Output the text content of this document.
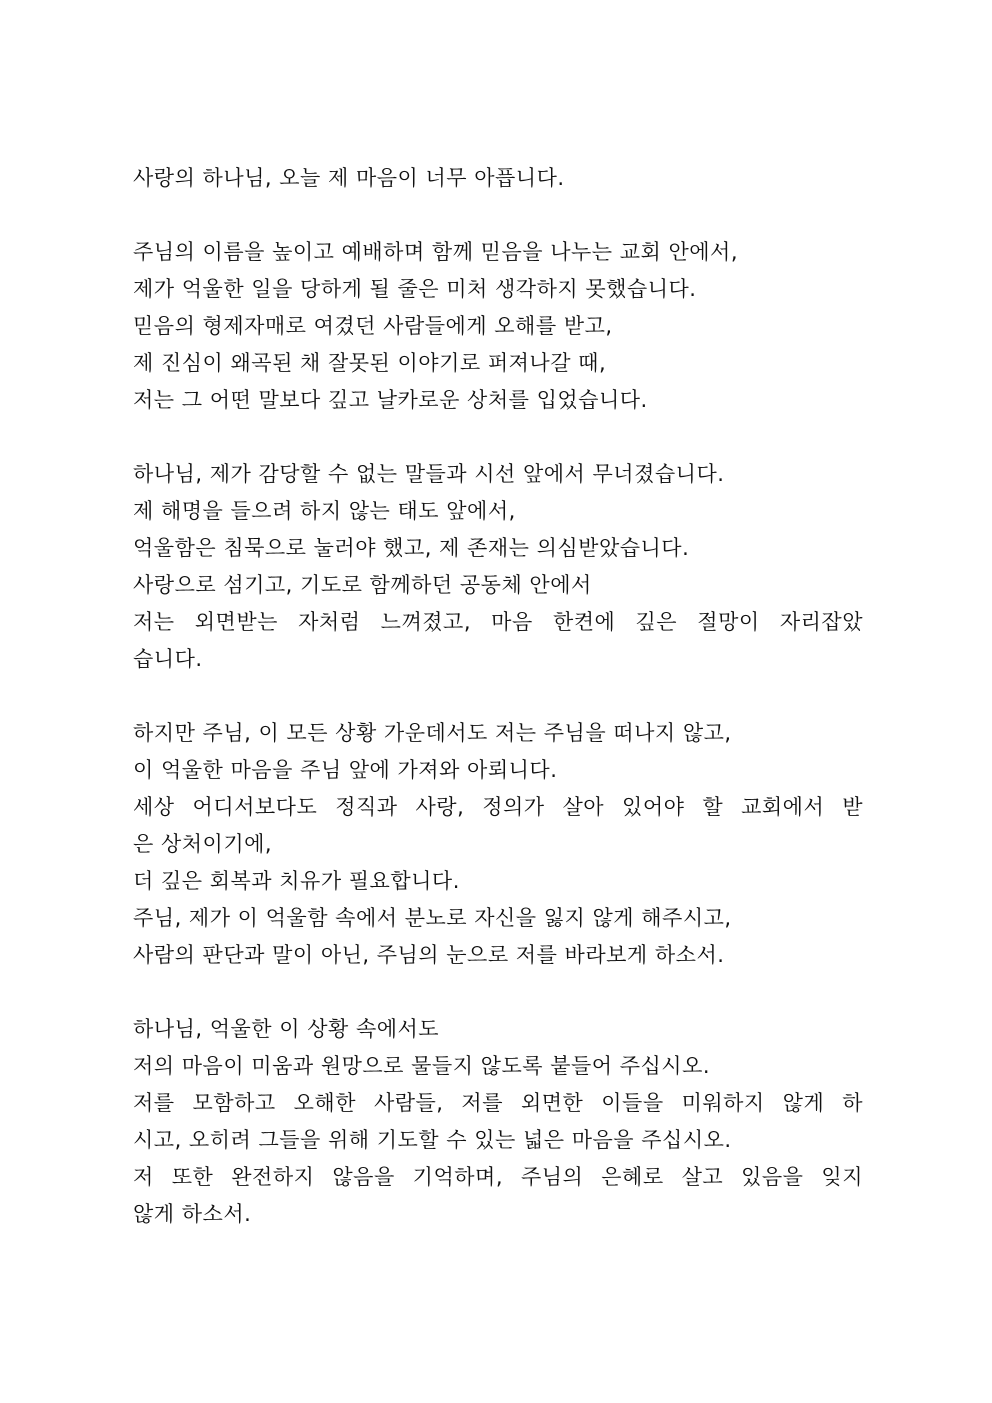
사랑의 하나님, 오늘 제 마음이 너무 아픕니다.
주님의 이름을 높이고 예배하며 함께 믿음을 나누는 교회 안에서,
제가 억울한 일을 당하게 될 줄은 미처 생각하지 못했습니다.
믿음의 형제자매로 여겼던 사람들에게 오해를 받고,
제 진심이 왜곡된 채 잘못된 이야기로 퍼져나갈 때,
저는 그 어떤 말보다 깊고 날카로운 상처를 입었습니다.
하나님, 제가 감당할 수 없는 말들과 시선 앞에서 무너졌습니다.
제 해명을 들으려 하지 않는 태도 앞에서,
억울함은 침묵으로 눌러야 했고, 제 존재는 의심받았습니다.
사랑으로 섬기고, 기도로 함께하던 공동체 안에서
저는 외면받는 자처럼 느껴졌고, 마음 한켠에 깊은 절망이 자리잡았
습니다.
하지만 주님, 이 모든 상황 가운데서도 저는 주님을 떠나지 않고,
이 억울한 마음을 주님 앞에 가져와 아뢰니다.
세상 어디서보다도 정직과 사랑, 정의가 살아 있어야 할 교회에서 받
은 상처이기에,
더 깊은 회복과 치유가 필요합니다.
주님, 제가 이 억울함 속에서 분노로 자신을 잃지 않게 해주시고,
사람의 판단과 말이 아닌, 주님의 눈으로 저를 바라보게 하소서.
하나님, 억울한 이 상황 속에서도
저의 마음이 미움과 원망으로 물들지 않도록 붙들어 주십시오.
저를 모함하고 오해한 사람들, 저를 외면한 이들을 미워하지 않게 하
시고, 오히려 그들을 위해 기도할 수 있는 넓은 마음을 주십시오.
저 또한 완전하지 않음을 기억하며, 주님의 은혜로 살고 있음을 잊지
않게 하소서.
